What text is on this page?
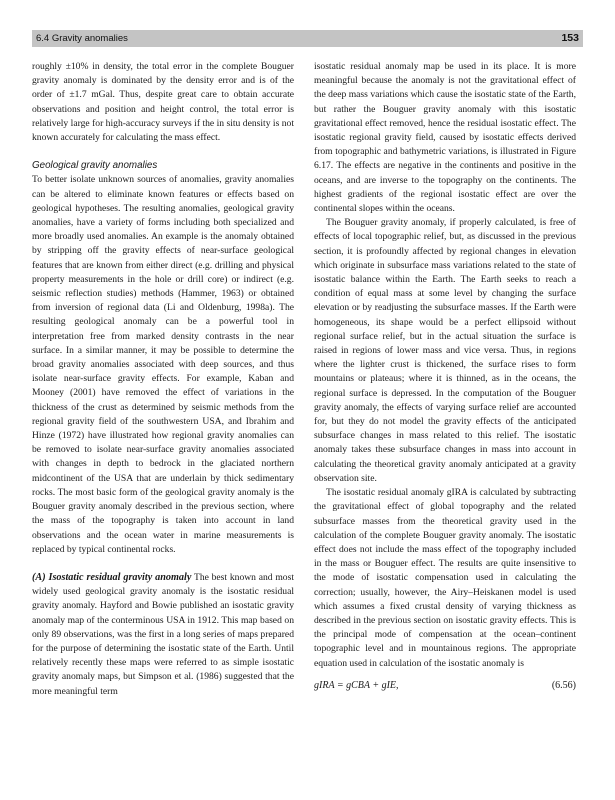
6.4 Gravity anomalies	153

roughly ±10% in density, the total error in the complete Bouguer gravity anomaly is dominated by the density error and is of the order of ±1.7 mGal. Thus, despite great care to obtain accurate observations and position and height control, the total error is relatively large for high-accuracy surveys if the in situ density is not known accurately for calculating the mass effect.

Geological gravity anomalies

To better isolate unknown sources of anomalies, gravity anomalies can be altered to eliminate known features or effects based on geological hypotheses. The resulting anomalies, geological gravity anomalies, have a variety of forms including both specialized and more broadly used anomalies. An example is the anomaly obtained by stripping off the gravity effects of near-surface geological features that are known from either direct (e.g. drilling and physical property measurements in the hole or drill core) or indirect (e.g. seismic reflection studies) methods (Hammer, 1963) or obtained from inversion of regional data (Li and Oldenburg, 1998a). The resulting geological anomaly can be a powerful tool in interpretation free from marked density contrasts in the near surface. In a similar manner, it may be possible to determine the broad gravity anomalies associated with deep sources, and thus isolate near-surface gravity effects. For example, Kaban and Mooney (2001) have removed the effect of variations in the thickness of the crust as determined by seismic methods from the regional gravity field of the southwestern USA, and Ibrahim and Hinze (1972) have illustrated how regional gravity anomalies can be removed to isolate near-surface gravity anomalies associated with changes in depth to bedrock in the glaciated northern midcontinent of the USA that are underlain by thick sedimentary rocks. The most basic form of the geological gravity anomaly is the Bouguer gravity anomaly described in the previous section, where the mass of the topography is taken into account in land observations and the ocean water in marine measurements is replaced by typical continental rocks.

(A) Isostatic residual gravity anomaly The best known and most widely used geological gravity anomaly is the isostatic residual gravity anomaly. Hayford and Bowie published an isostatic gravity anomaly map of the conterminous USA in 1912. This map based on only 89 observations, was the first in a long series of maps prepared for the purpose of determining the isostatic state of the Earth. Until relatively recently these maps were referred to as simple isostatic gravity anomaly maps, but Simpson et al. (1986) suggested that the more meaningful term

isostatic residual anomaly map be used in its place. It is more meaningful because the anomaly is not the gravitational effect of the deep mass variations which cause the isostatic state of the Earth, but rather the Bouguer gravity anomaly with this isostatic gravitational effect removed, hence the residual isostatic effect. The isostatic regional gravity field, caused by isostatic effects derived from topographic and bathymetric variations, is illustrated in Figure 6.17. The effects are negative in the continents and positive in the oceans, and are inverse to the topography on the continents. The highest gradients of the regional isostatic effect are over the continental slopes within the oceans.

The Bouguer gravity anomaly, if properly calculated, is free of effects of local topographic relief, but, as discussed in the previous section, it is profoundly affected by regional changes in elevation which originate in subsurface mass variations related to the state of isostatic balance within the Earth. The Earth seeks to reach a condition of equal mass at some level by changing the surface elevation or by readjusting the subsurface masses. If the Earth were homogeneous, its shape would be a perfect ellipsoid without regional surface relief, but in the actual situation the surface is raised in regions of lower mass and vice versa. Thus, in regions where the lighter crust is thickened, the surface rises to form mountains or plateaus; where it is thinned, as in the oceans, the regional surface is depressed. In the computation of the Bouguer gravity anomaly, the effects of varying surface relief are accounted for, but they do not model the gravity effects of the anticipated subsurface changes in mass related to this relief. The isostatic anomaly takes these subsurface changes in mass into account in calculating the theoretical gravity anomaly anticipated at a gravity observation site.

The isostatic residual anomaly gIRA is calculated by subtracting the gravitational effect of global topography and the related subsurface masses from the theoretical gravity used in the calculation of the complete Bouguer gravity anomaly. The isostatic effect does not include the mass effect of the topography included in the mass or Bouguer effect. The results are quite insensitive to the mode of isostatic compensation used in calculating the correction; usually, however, the Airy–Heiskanen model is used which assumes a fixed crustal density of varying thickness as described in the previous section on isostatic gravity effects. This is the principal mode of compensation at the ocean–continent topographic level and in mountainous regions. The appropriate equation used in calculation of the isostatic anomaly is

gIRA = gCBA + gIE,	(6.56)
